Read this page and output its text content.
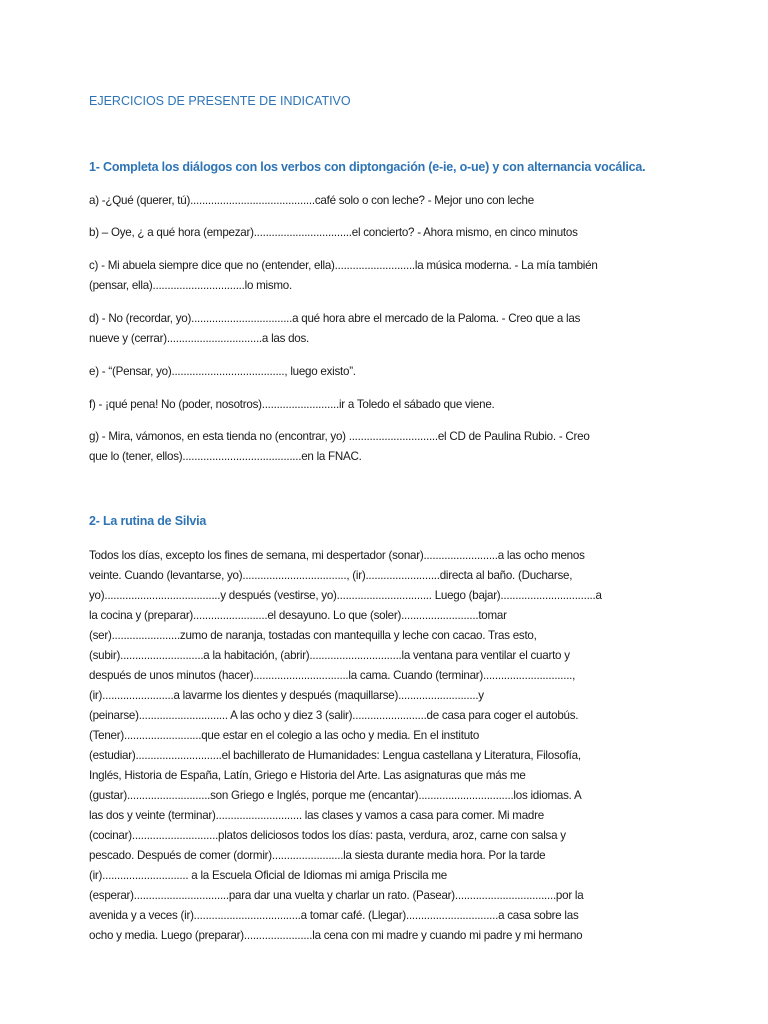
EJERCICIOS DE PRESENTE DE INDICATIVO
1- Completa los diálogos con los verbos con diptongación (e-ie, o-ue) y con alternancia vocálica.

a) -¿Qué (querer, tú)..........................................café solo o con leche? - Mejor uno con leche

b) – Oye, ¿ a qué hora (empezar).................................el concierto? - Ahora mismo, en cinco minutos

c) - Mi abuela siempre dice que no (entender, ella)...........................la música moderna. - La mía también

(pensar, ella)...............................lo mismo.

d) - No (recordar, yo)..................................a qué hora abre el mercado de la Paloma. - Creo que a las

nueve y (cerrar)................................a las dos.

e) - “(Pensar, yo)......................................, luego existo”.

f) - ¡qué pena! No (poder, nosotros)..........................ir a Toledo el sábado que viene.

g) - Mira, vámonos, en esta tienda no (encontrar, yo) ..............................el CD de Paulina Rubio. - Creo

que lo (tener, ellos)........................................en la FNAC.

2- La rutina de Silvia

Todos los días, excepto los fines de semana, mi despertador (sonar).........................a las ocho menos

veinte. Cuando (levantarse, yo)..................................., (ir).........................directa al baño. (Ducharse,

yo).......................................y después (vestirse, yo)................................ Luego (bajar)................................a

la cocina y (preparar).........................el desayuno. Lo que (soler)..........................tomar

(ser).......................zumo de naranja, tostadas con mantequilla y leche con cacao. Tras esto,

(subir)............................a la habitación, (abrir)...............................la ventana para ventilar el cuarto y

después de unos minutos (hacer)................................la cama. Cuando (terminar)..............................,

(ir)........................a lavarme los dientes y después (maquillarse)...........................y

(peinarse).............................. A las ocho y diez 3 (salir).........................de casa para coger el autobús.

(Tener)..........................que estar en el colegio a las ocho y media. En el instituto

(estudiar).............................el bachillerato de Humanidades: Lengua castellana y Literatura, Filosofía,

Inglés, Historia de España, Latín, Griego e Historia del Arte. Las asignaturas que más me

(gustar)............................son Griego e Inglés, porque me (encantar)................................los idiomas. A

las dos y veinte (terminar)............................. las clases y vamos a casa para comer. Mi madre

(cocinar).............................platos deliciosos todos los días: pasta, verdura, aroz, carne con salsa y

pescado. Después de comer (dormir)........................la siesta durante media hora. Por la tarde

(ir)............................. a la Escuela Oficial de Idiomas mi amiga Priscila me

(esperar)................................para dar una vuelta y charlar un rato. (Pasear)..................................por la

avenida y a veces (ir)....................................a tomar café. (Llegar)...............................a casa sobre las

ocho y media. Luego (preparar).......................la cena con mi madre y cuando mi padre y mi hermano
